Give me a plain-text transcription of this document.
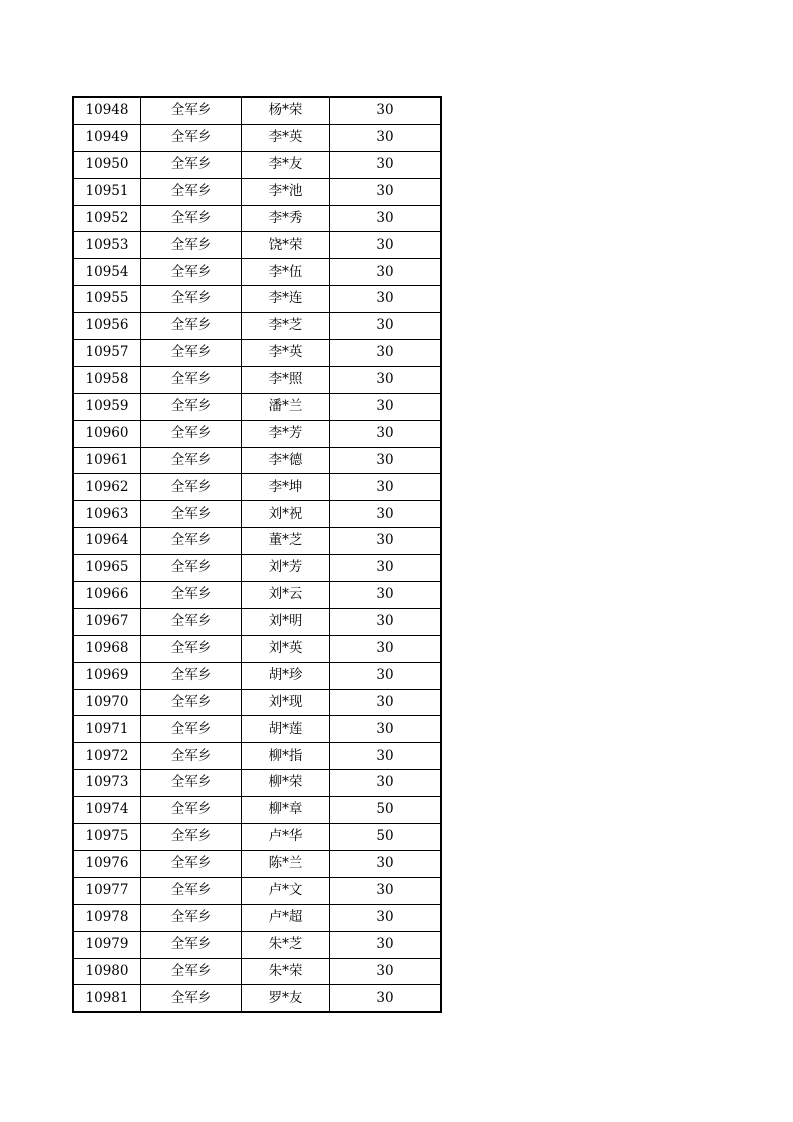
10948	全军乡	杨*荣	30
10949	全军乡	李*英	30
10950	全军乡	李*友	30
10951	全军乡	李*池	30
10952	全军乡	李*秀	30
10953	全军乡	饶*荣	30
10954	全军乡	李*伍	30
10955	全军乡	李*连	30
10956	全军乡	李*芝	30
10957	全军乡	李*英	30
10958	全军乡	李*照	30
10959	全军乡	潘*兰	30
10960	全军乡	李*芳	30
10961	全军乡	李*德	30
10962	全军乡	李*坤	30
10963	全军乡	刘*祝	30
10964	全军乡	董*芝	30
10965	全军乡	刘*芳	30
10966	全军乡	刘*云	30
10967	全军乡	刘*明	30
10968	全军乡	刘*英	30
10969	全军乡	胡*珍	30
10970	全军乡	刘*现	30
10971	全军乡	胡*莲	30
10972	全军乡	柳*指	30
10973	全军乡	柳*荣	30
10974	全军乡	柳*章	50
10975	全军乡	卢*华	50
10976	全军乡	陈*兰	30
10977	全军乡	卢*文	30
10978	全军乡	卢*超	30
10979	全军乡	朱*芝	30
10980	全军乡	朱*荣	30
10981	全军乡	罗*友	30
